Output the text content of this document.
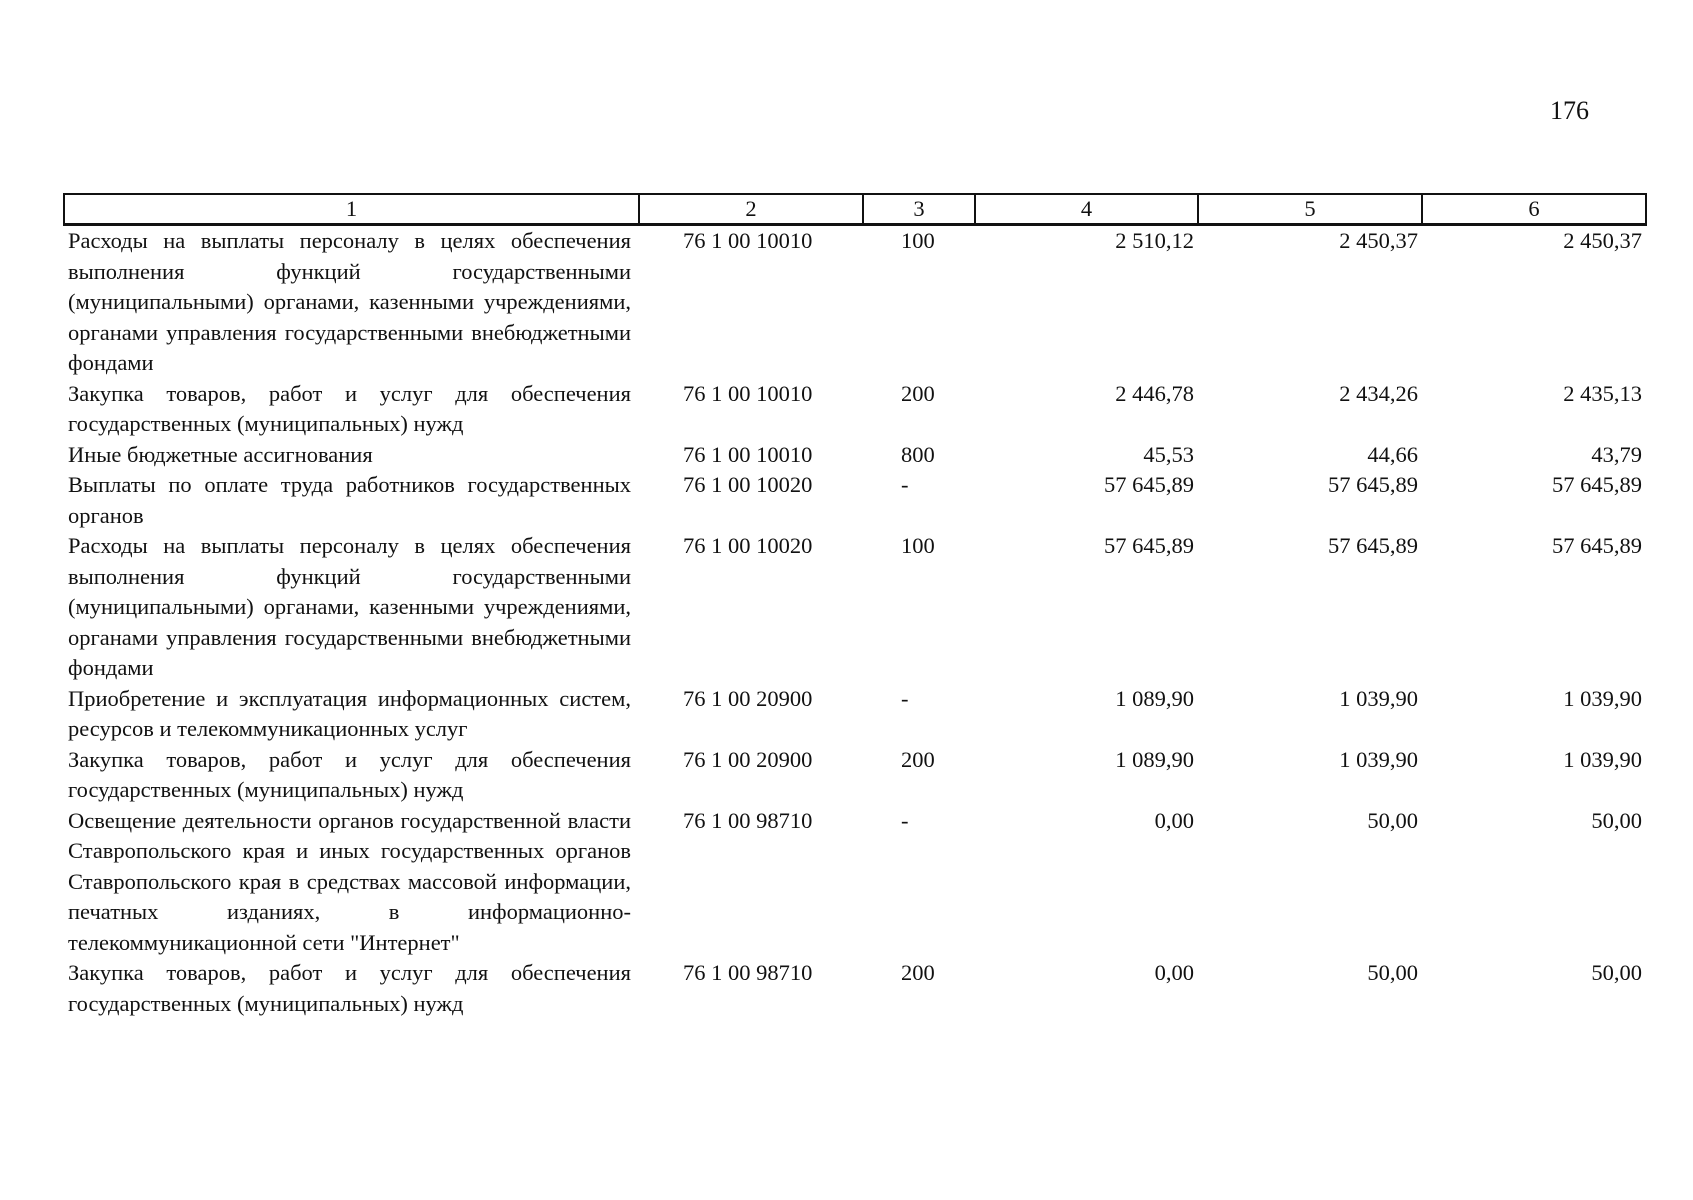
176
1	2	3	4	5	6
Расходы на выплаты персоналу в целях обеспечения выполнения функций государственными (муниципальными) органами, казенными учреждениями, органами управления государственными внебюджетными фондами	76 1 00 10010	100	2 510,12	2 450,37	2 450,37
Закупка товаров, работ и услуг для обеспечения государственных (муниципальных) нужд	76 1 00 10010	200	2 446,78	2 434,26	2 435,13
Иные бюджетные ассигнования	76 1 00 10010	800	45,53	44,66	43,79
Выплаты по оплате труда работников государственных органов	76 1 00 10020	-	57 645,89	57 645,89	57 645,89
Расходы на выплаты персоналу в целях обеспечения выполнения функций государственными (муниципальными) органами, казенными учреждениями, органами управления государственными внебюджетными фондами	76 1 00 10020	100	57 645,89	57 645,89	57 645,89
Приобретение и эксплуатация информационных систем, ресурсов и телекоммуникационных услуг	76 1 00 20900	-	1 089,90	1 039,90	1 039,90
Закупка товаров, работ и услуг для обеспечения государственных (муниципальных) нужд	76 1 00 20900	200	1 089,90	1 039,90	1 039,90
Освещение деятельности органов государственной власти Ставропольского края и иных государственных органов Ставропольского края в средствах массовой информации, печатных изданиях, в информационно-телекоммуникационной сети "Интернет"	76 1 00 98710	-	0,00	50,00	50,00
Закупка товаров, работ и услуг для обеспечения государственных (муниципальных) нужд	76 1 00 98710	200	0,00	50,00	50,00
